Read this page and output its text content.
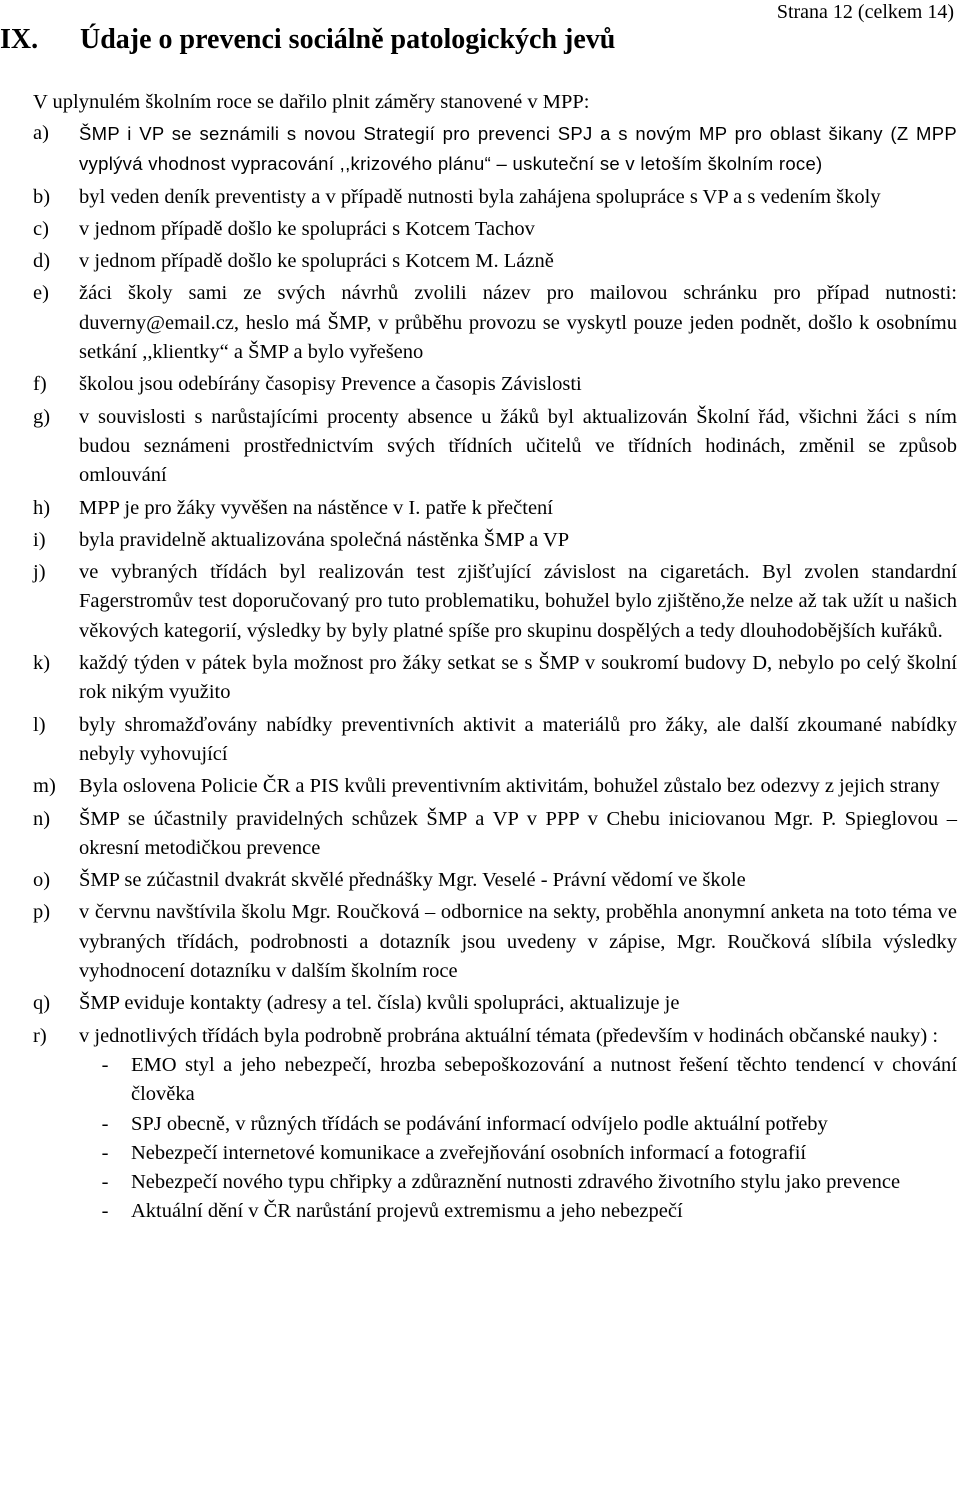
Strana 12 (celkem 14)
IX. Údaje o prevenci sociálně patologických jevů
V uplynulém školním roce se dařilo plnit záměry stanovené v MPP:
a)	ŠMP i VP se seznámili s novou Strategií pro prevenci SPJ a s novým MP pro oblast šikany (Z MPP vyplývá vhodnost vypracování ,,krizového plánu“ – uskuteční se v letoším školním roce)
b)	byl veden deník preventisty a v případě nutnosti byla zahájena spolupráce s VP a s vedením školy
c)	v jednom případě došlo ke spolupráci s Kotcem Tachov
d)	v jednom případě došlo ke spolupráci s Kotcem M. Lázně
e)	žáci školy sami ze svých návrhů zvolili název pro mailovou schránku pro případ nutnosti: duverny@email.cz, heslo má ŠMP, v průběhu provozu se vyskytl pouze jeden podnět, došlo k osobnímu setkání ,,klientky“ a ŠMP a bylo vyřešeno
f)	školou jsou odebírány časopisy Prevence a časopis Závislosti
g)	v souvislosti s narůstajícími procenty absence u žáků byl aktualizován Školní řád, všichni žáci s ním budou seznámeni prostřednictvím svých třídních učitelů ve třídních hodinách, změnil se způsob omlouvání
h)	MPP je pro žáky vyvěšen na nástěnce v I. patře k přečtení
i)	byla pravidelně aktualizována společná nástěnka ŠMP a VP
j)	ve vybraných třídách byl realizován test zjišťující závislost na cigaretách. Byl zvolen standardní Fagerstromův test doporučovaný pro tuto problematiku, bohužel bylo zjištěno,že nelze až tak užít u našich věkových kategorií, výsledky by byly platné spíše pro skupinu dospělých a tedy dlouhodobějších kuřáků.
k)	každý týden v pátek byla možnost pro žáky setkat se s ŠMP v soukromí budovy D, nebylo po celý školní rok nikým využito
l)	byly shromažďovány nabídky preventivních aktivit a materiálů pro žáky, ale další zkoumané nabídky nebyly vyhovující
m)	Byla oslovena Policie ČR a PIS kvůli preventivním aktivitám, bohužel zůstalo bez odezvy z jejich strany
n)	ŠMP se účastnily pravidelných schůzek ŠMP a VP v PPP v Chebu iniciovanou Mgr. P. Spieglovou – okresní metodičkou prevence
o)	ŠMP se zúčastnil dvakrát skvělé přednášky Mgr. Veselé - Právní vědomí ve škole
p)	v červnu navštívila školu Mgr. Roučková – odbornice na sekty, proběhla anonymní anketa na toto téma ve vybraných třídách, podrobnosti a dotazník jsou uvedeny v zápise, Mgr. Roučková slíbila výsledky vyhodnocení dotazníku v dalším školním roce
q)	ŠMP eviduje kontakty (adresy a tel. čísla) kvůli spolupráci, aktualizuje je
r)	v jednotlivých třídách byla podrobně probrána aktuální témata (především v hodinách občanské nauky) :
-	EMO styl a jeho nebezpečí, hrozba sebepoškozování a nutnost řešení těchto tendencí v chování člověka
-	SPJ obecně, v různých třídách se podávání informací odvíjelo podle aktuální potřeby
-	Nebezpečí internetové komunikace a zveřejňování osobních informací a fotografií
-	Nebezpečí nového typu chřipky a zdůraznění nutnosti zdravého životního stylu jako prevence
-	Aktuální dění v ČR narůstání projevů extremismu a jeho nebezpečí
